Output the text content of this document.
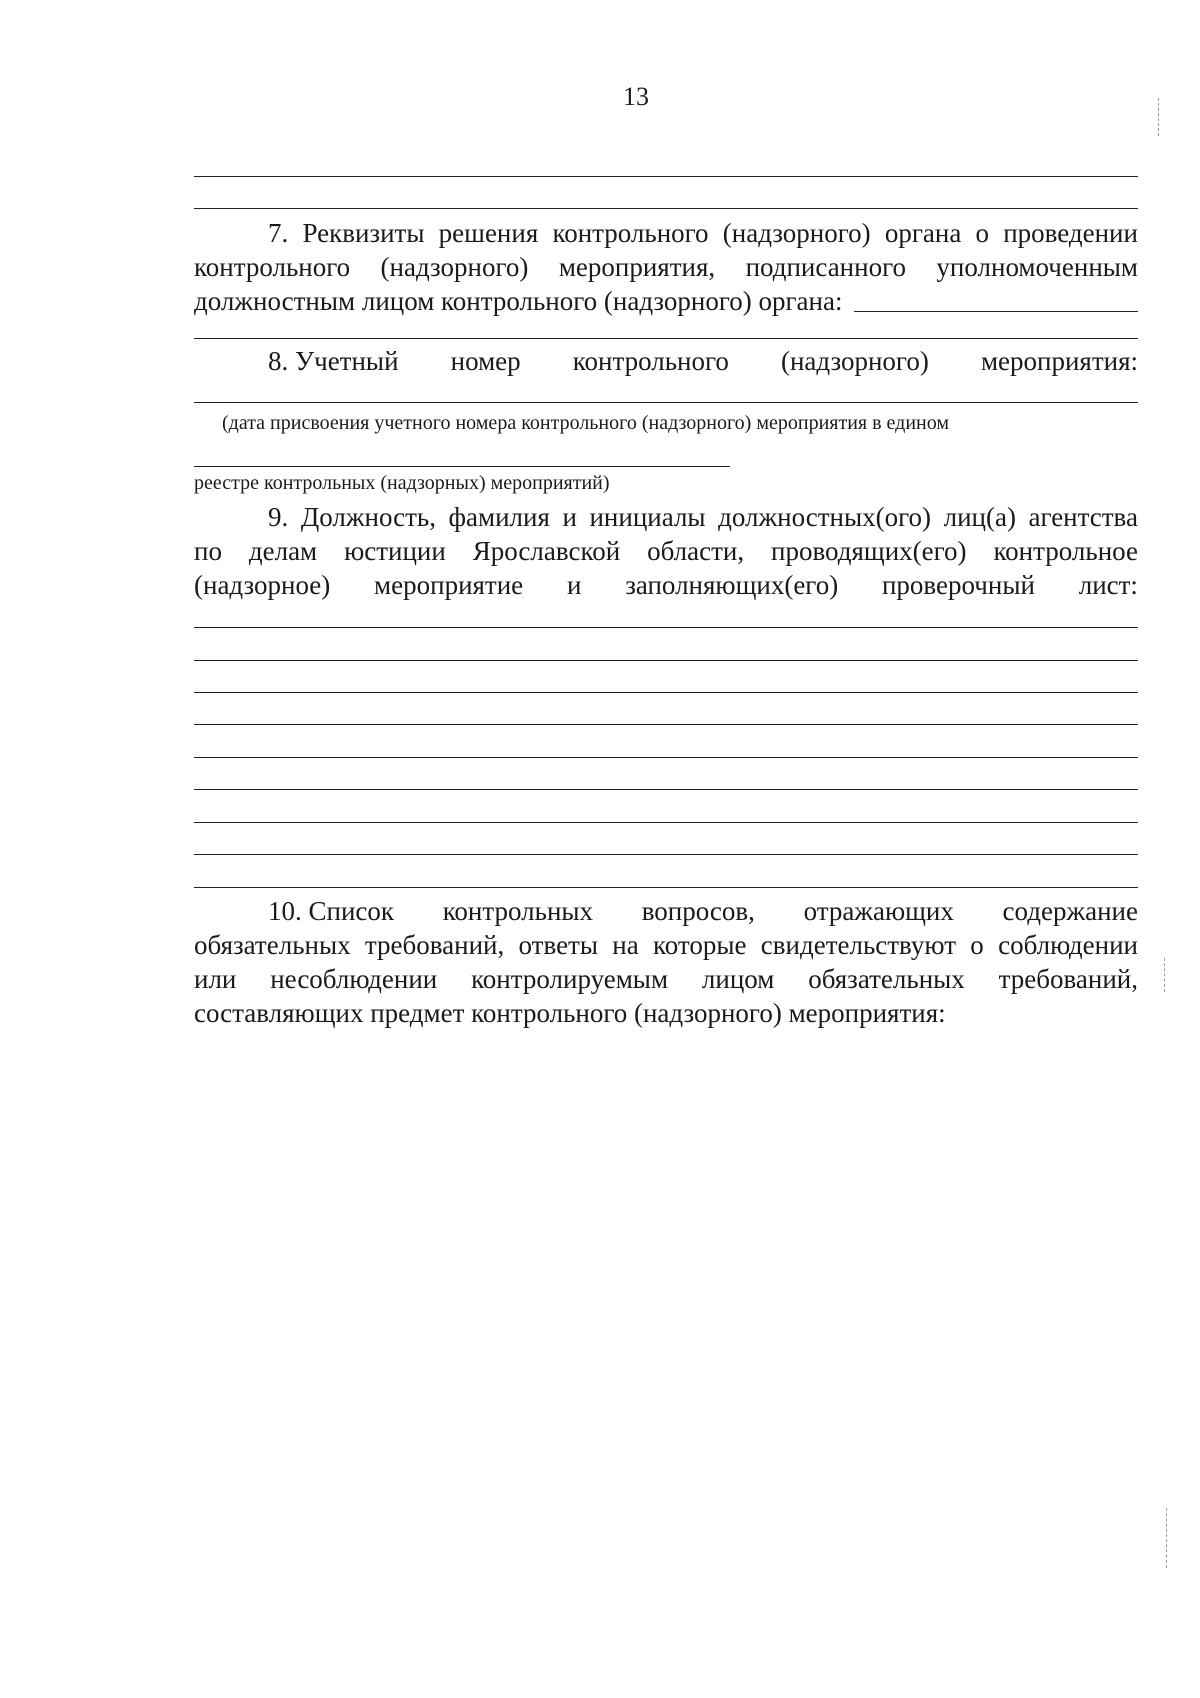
13
7. Реквизиты решения контрольного (надзорного) органа о проведении
контрольного (надзорного) мероприятия, подписанного уполномоченным
должностным лицом контрольного (надзорного) органа:
8. Учетный номер контрольного (надзорного) мероприятия:
(дата присвоения учетного номера контрольного (надзорного) мероприятия в едином
реестре контрольных (надзорных) мероприятий)
9. Должность, фамилия и инициалы должностных(ого) лиц(а) агентства
по делам юстиции Ярославской области, проводящих(его) контрольное
(надзорное) мероприятие и заполняющих(его) проверочный лист:
10. Список контрольных вопросов, отражающих содержание
обязательных требований, ответы на которые свидетельствуют о соблюдении
или несоблюдении контролируемым лицом обязательных требований,
составляющих предмет контрольного (надзорного) мероприятия:
